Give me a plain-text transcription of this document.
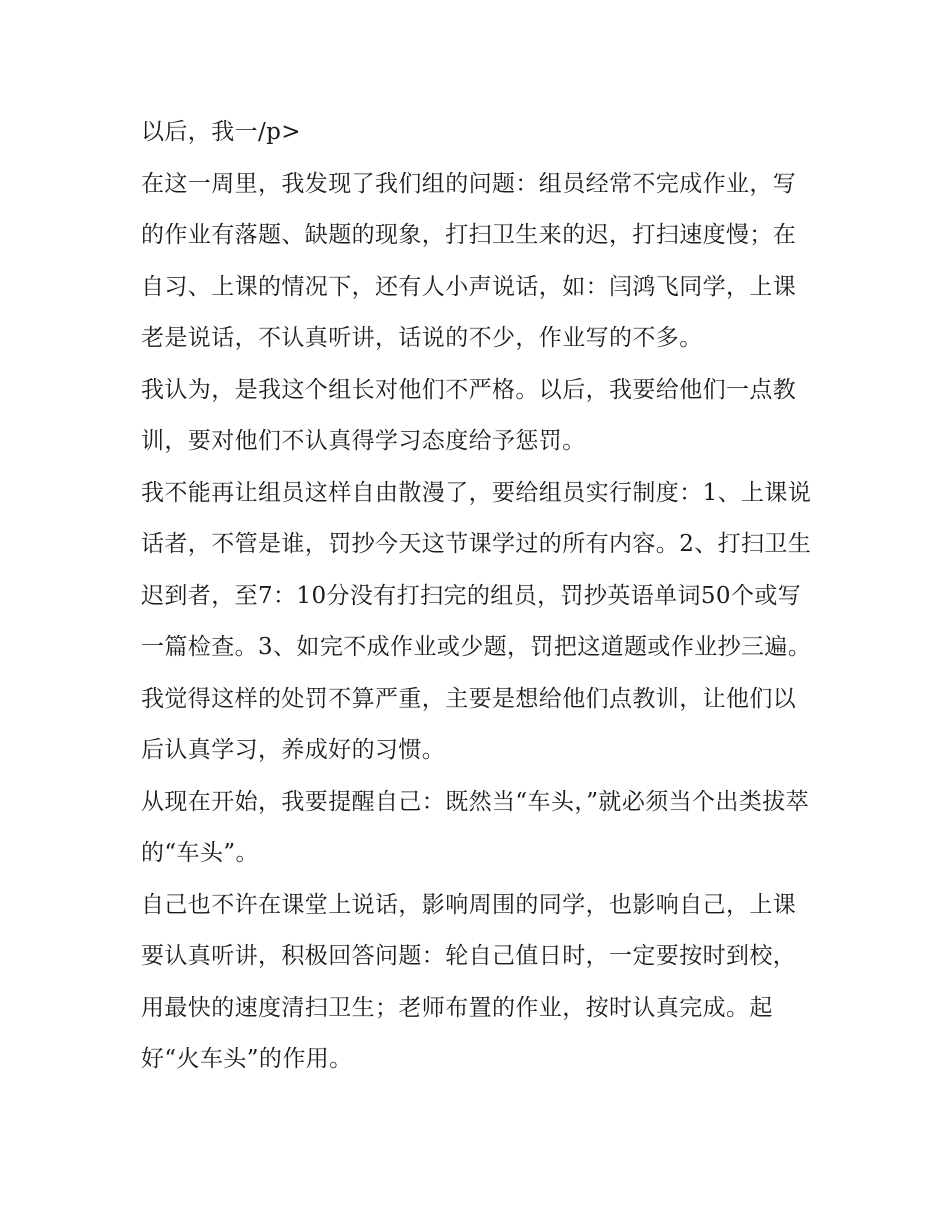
以后，我一/p>

在这一周里，我发现了我们组的问题：组员经常不完成作业，写的作业有落题、缺题的现象，打扫卫生来的迟，打扫速度慢；在自习、上课的情况下，还有人小声说话，如：闫鸿飞同学，上课老是说话，不认真听讲，话说的不少，作业写的不多。

我认为，是我这个组长对他们不严格。以后，我要给他们一点教训，要对他们不认真得学习态度给予惩罚。

我不能再让组员这样自由散漫了，要给组员实行制度：1、上课说话者，不管是谁，罚抄今天这节课学过的所有内容。2、打扫卫生迟到者，至7：10分没有打扫完的组员，罚抄英语单词50个或写一篇检查。3、如完不成作业或少题，罚把这道题或作业抄三遍。我觉得这样的处罚不算严重，主要是想给他们点教训，让他们以后认真学习，养成好的习惯。

从现在开始，我要提醒自己：既然当“车头，”就必须当个出类拔萃的“车头”。

自己也不许在课堂上说话，影响周围的同学，也影响自己，上课要认真听讲，积极回答问题：轮自己值日时，一定要按时到校，用最快的速度清扫卫生；老师布置的作业，按时认真完成。起好“火车头”的作用。
